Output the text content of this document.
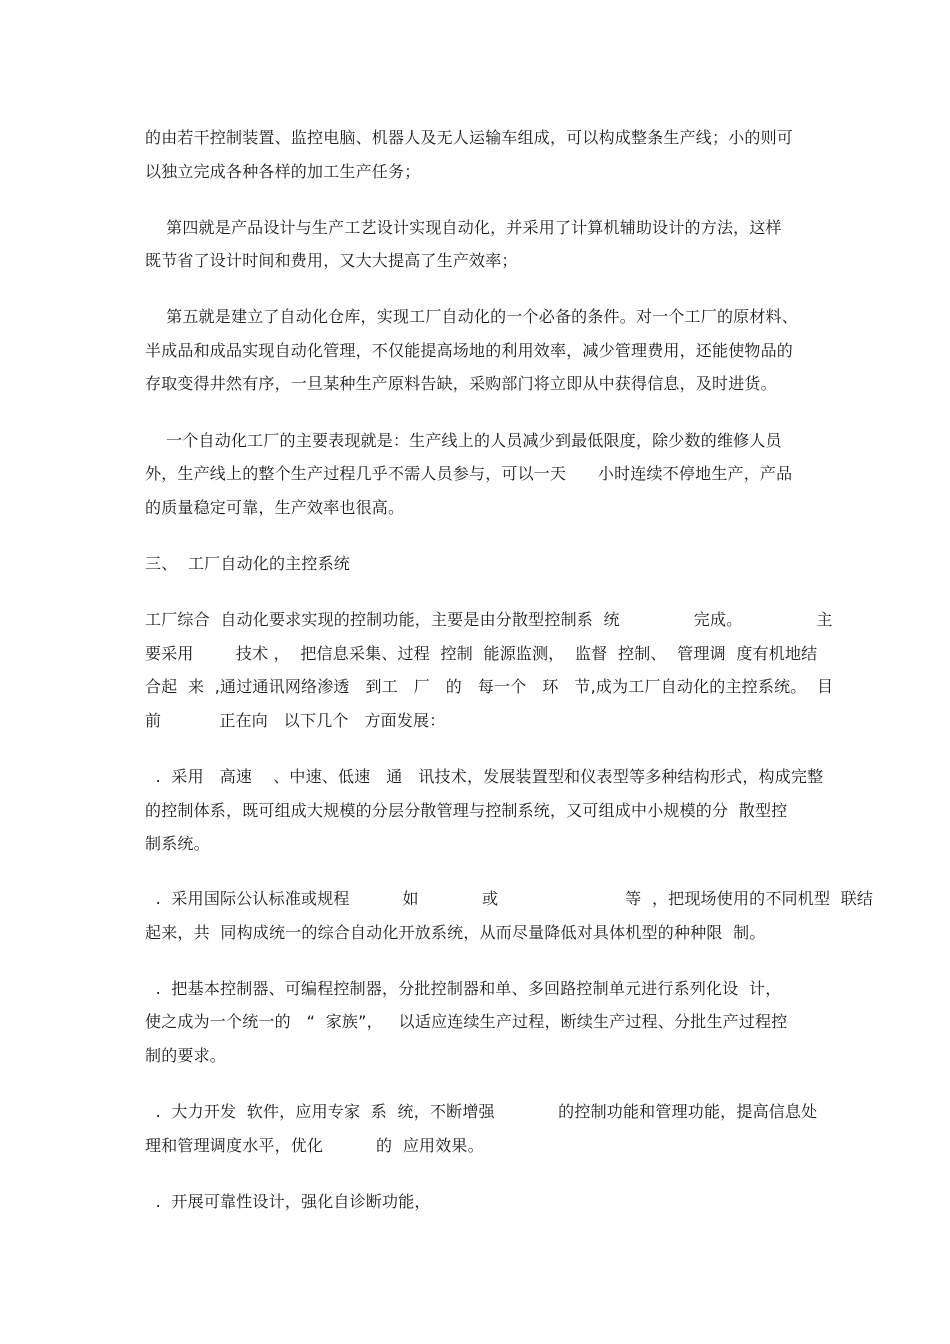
的由若干控制装置、监控电脑、机器人及无人运输车组成，可以构成整条生产线；小的则可
以独立完成各种各样的加工生产任务；
第四就是产品设计与生产工艺设计实现自动化，并采用了计算机辅助设计的方法，这样
既节省了设计时间和费用，又大大提高了生产效率；
第五就是建立了自动化仓库，实现工厂自动化的一个必备的条件。对一个工厂的原材料、
半成品和成品实现自动化管理，不仅能提高场地的利用效率，减少管理费用，还能使物品的
存取变得井然有序，一旦某种生产原料告缺，采购部门将立即从中获得信息，及时进货。
一个自动化工厂的主要表现就是：生产线上的人员减少到最低限度，除少数的维修人员
外，生产线上的整个生产过程几乎不需人员参与，可以一天      小时连续不停地生产，产品
的质量稳定可靠，生产效率也很高。
三、  工厂自动化的主控系统
工厂综合  自动化要求实现的控制功能，主要是由分散型控制系  统              完成。              主
要采用        技术 ，  把信息采集、过程  控制  能源监测，  监督  控制、  管理调  度有机地结
合起  来  ,通过通讯网络渗透   到工   厂   的   每一个   环   节,成为工厂自动化的主控系统。  目
前           正在向   以下几个   方面发展：
.  采用   高速    、中速、低速   通   讯技术，发展装置型和仪表型等多种结构形式，构成完整
的控制体系，既可组成大规模的分层分散管理与控制系统，又可组成中小规模的分  散型控
制系统。
.  采用国际公认标准或规程          如            或                        等  ，把现场使用的不同机型  联结
起来，共  同构成统一的综合自动化开放系统，从而尽量降低对具体机型的种种限  制。
.  把基本控制器、可编程控制器，分批控制器和单、多回路控制单元进行系列化设  计，
使之成为一个统一的   “  家族”，   以适应连续生产过程，断续生产过程、分批生产过程控
制的要求。
.  大力开发  软件，应用专家  系  统，不断增强            的控制功能和管理功能，提高信息处
理和管理调度水平，优化          的  应用效果。
.  开展可靠性设计，强化自诊断功能，
